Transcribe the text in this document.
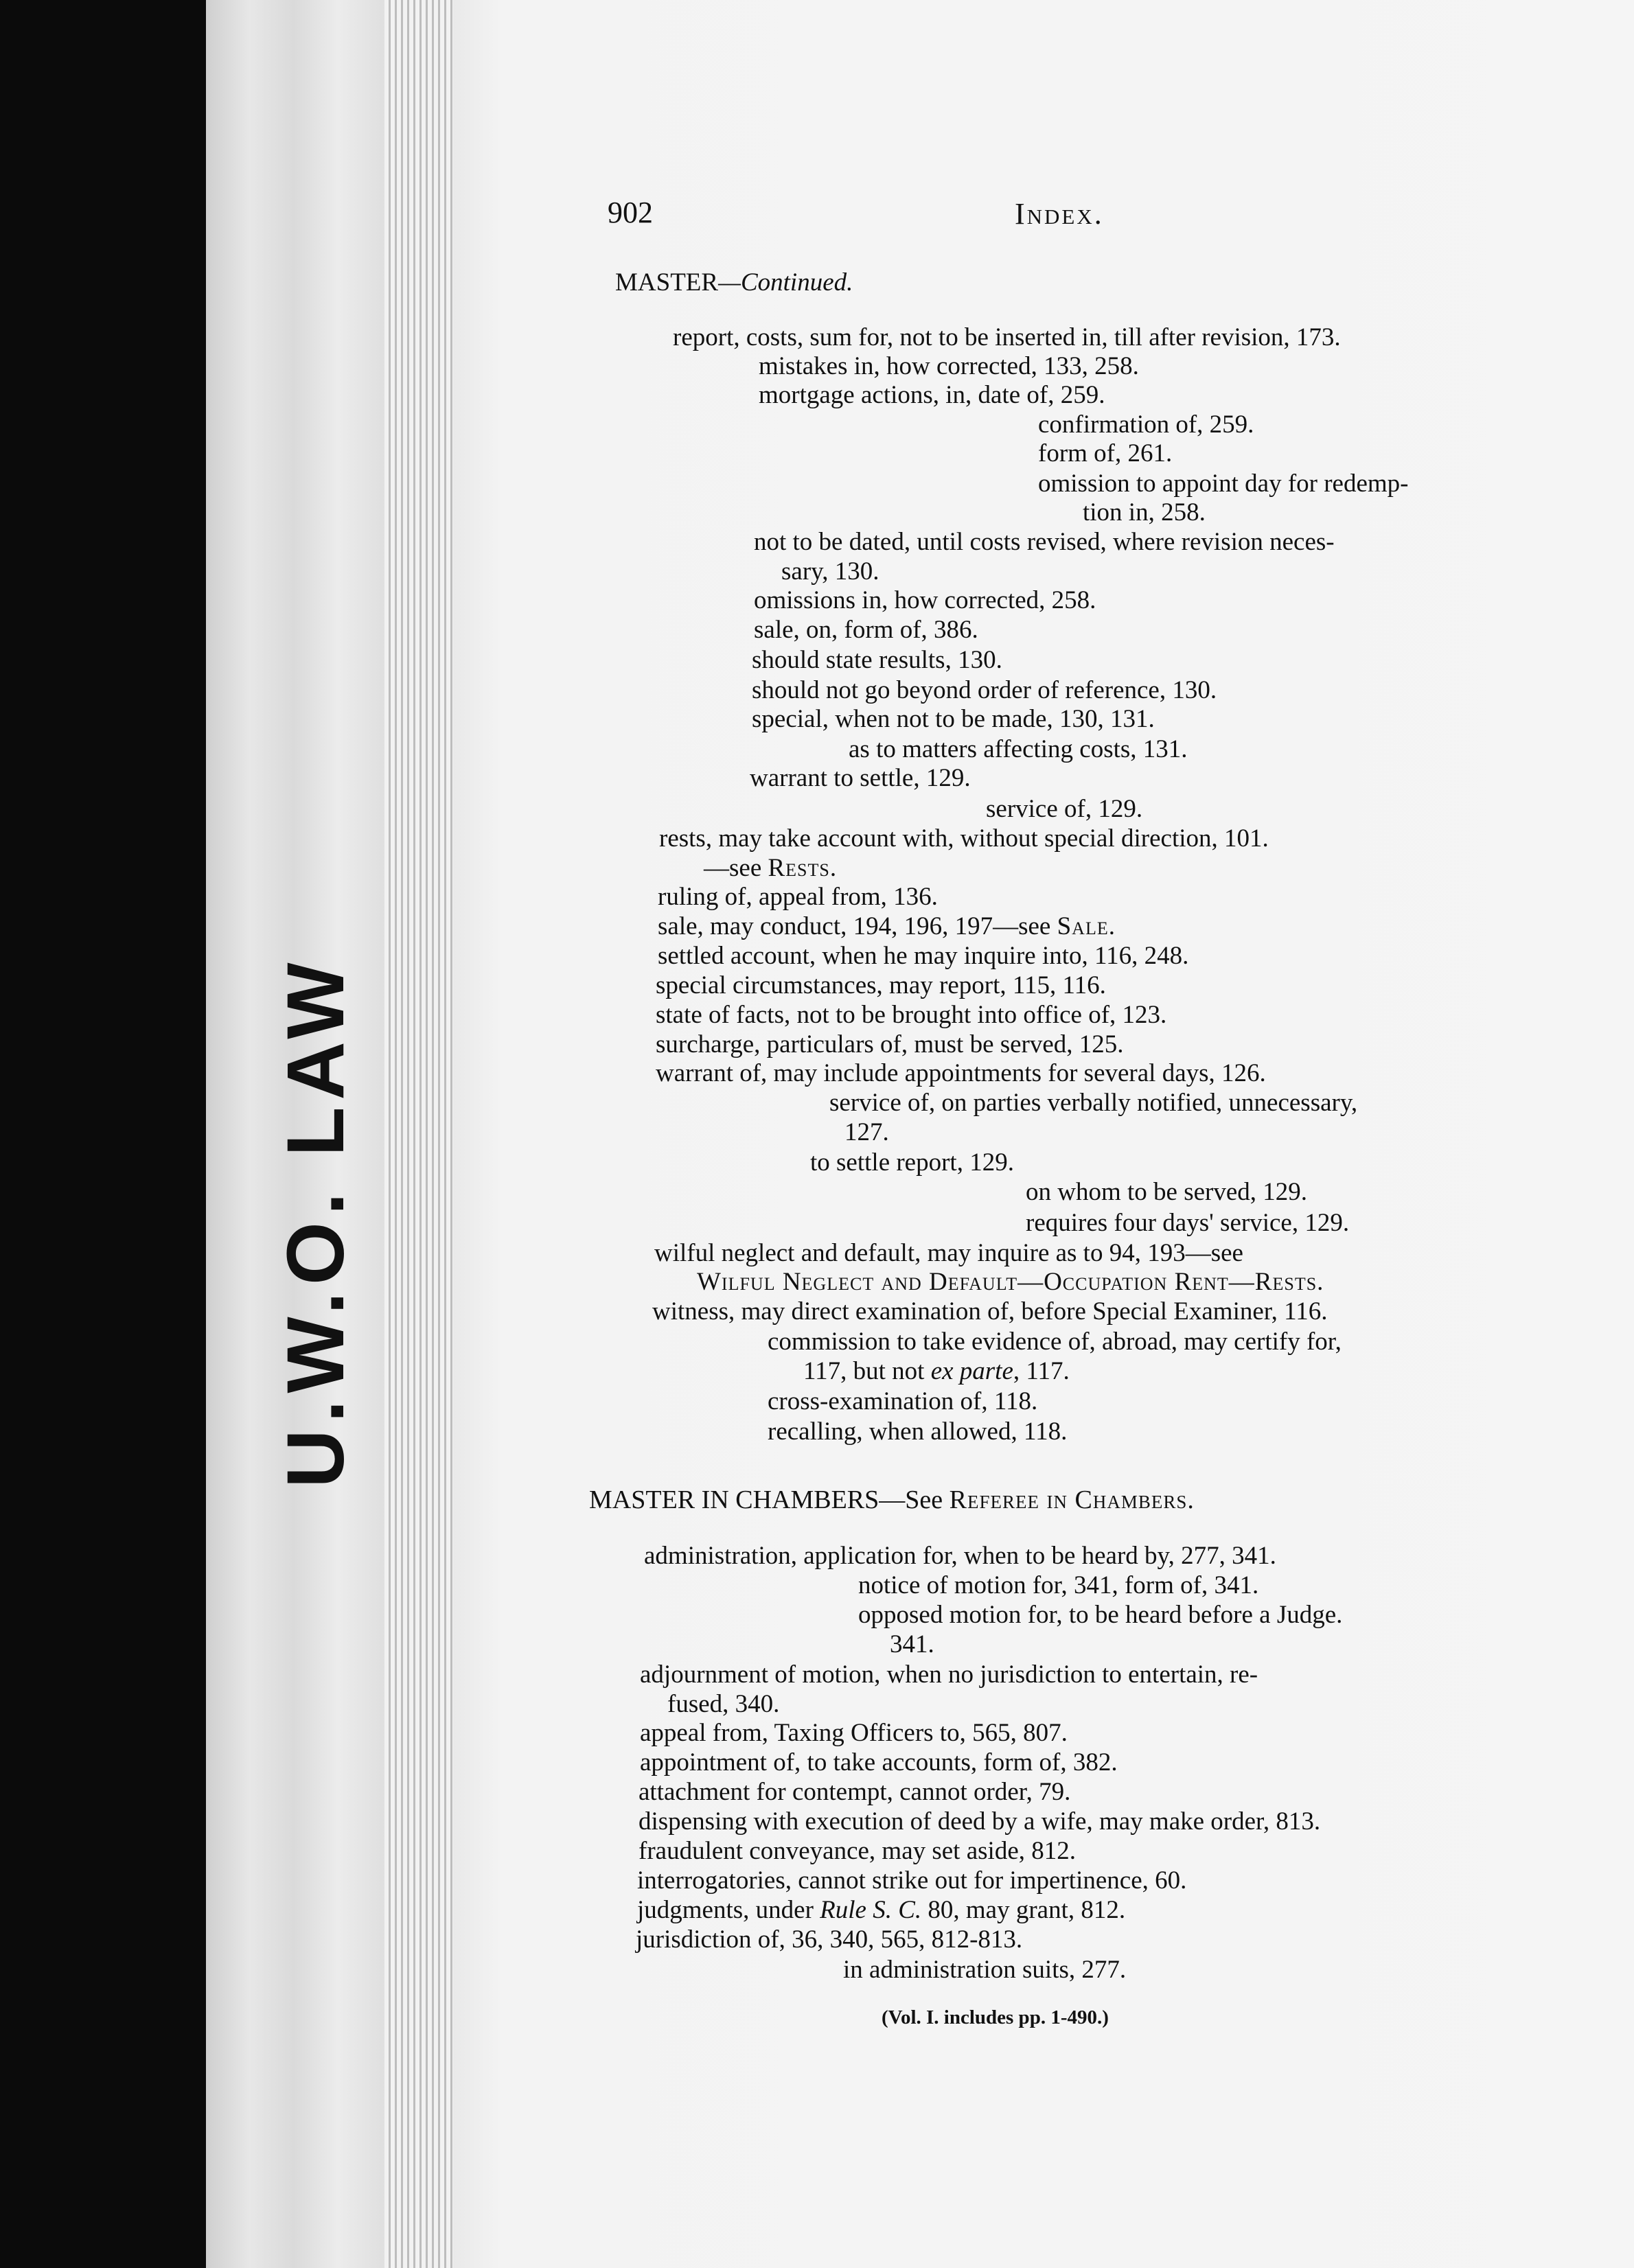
U.W.O. LAW
902	Index.
MASTER—Continued.
report, costs, sum for, not to be inserted in, till after revision, 173.
mistakes in, how corrected, 133, 258.
mortgage actions, in, date of, 259.
confirmation of, 259.
form of, 261.
omission to appoint day for redemp-
tion in, 258.
not to be dated, until costs revised, where revision neces-
sary, 130.
omissions in, how corrected, 258.
sale, on, form of, 386.
should state results, 130.
should not go beyond order of reference, 130.
special, when not to be made, 130, 131.
as to matters affecting costs, 131.
warrant to settle, 129.
service of, 129.
rests, may take account with, without special direction, 101.
—see Rests.
ruling of, appeal from, 136.
sale, may conduct, 194, 196, 197—see Sale.
settled account, when he may inquire into, 116, 248.
special circumstances, may report, 115, 116.
state of facts, not to be brought into office of, 123.
surcharge, particulars of, must be served, 125.
warrant of, may include appointments for several days, 126.
service of, on parties verbally notified, unnecessary,
127.
to settle report, 129.
on whom to be served, 129.
requires four days' service, 129.
wilful neglect and default, may inquire as to 94, 193—see
Wilful Neglect and Default—Occupation Rent—Rests.
witness, may direct examination of, before Special Examiner, 116.
commission to take evidence of, abroad, may certify for,
117, but not ex parte, 117.
cross-examination of, 118.
recalling, when allowed, 118.
MASTER IN CHAMBERS—See Referee in Chambers.
administration, application for, when to be heard by, 277, 341.
notice of motion for, 341, form of, 341.
opposed motion for, to be heard before a Judge.
341.
adjournment of motion, when no jurisdiction to entertain, re-
fused, 340.
appeal from, Taxing Officers to, 565, 807.
appointment of, to take accounts, form of, 382.
attachment for contempt, cannot order, 79.
dispensing with execution of deed by a wife, may make order, 813.
fraudulent conveyance, may set aside, 812.
interrogatories, cannot strike out for impertinence, 60.
judgments, under Rule S. C. 80, may grant, 812.
jurisdiction of, 36, 340, 565, 812-813.
in administration suits, 277.
(Vol. I. includes pp. 1-490.)
